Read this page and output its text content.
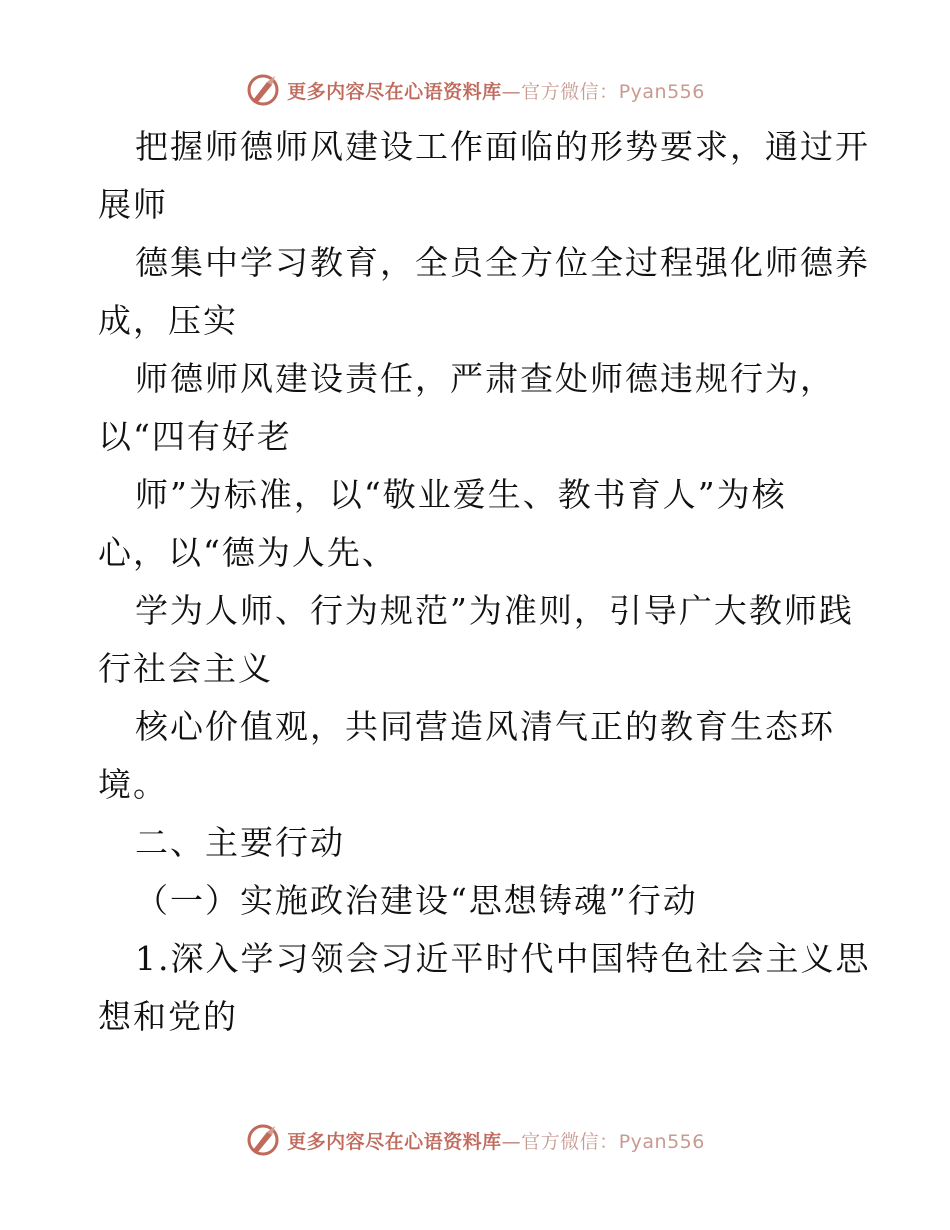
更多内容尽在心语资料库—官方微信：Pyan556
把握师德师风建设工作面临的形势要求，通过开
展师
德集中学习教育，全员全方位全过程强化师德养
成，压实
师德师风建设责任，严肃查处师德违规行为，
以“四有好老
师”为标准，以“敬业爱生、教书育人”为核
心，以“德为人先、
学为人师、行为规范”为准则，引导广大教师践
行社会主义
核心价值观，共同营造风清气正的教育生态环
境。
二、主要行动
（一）实施政治建设“思想铸魂”行动
1.深入学习领会习近平时代中国特色社会主义思
想和党的
更多内容尽在心语资料库—官方微信：Pyan556
